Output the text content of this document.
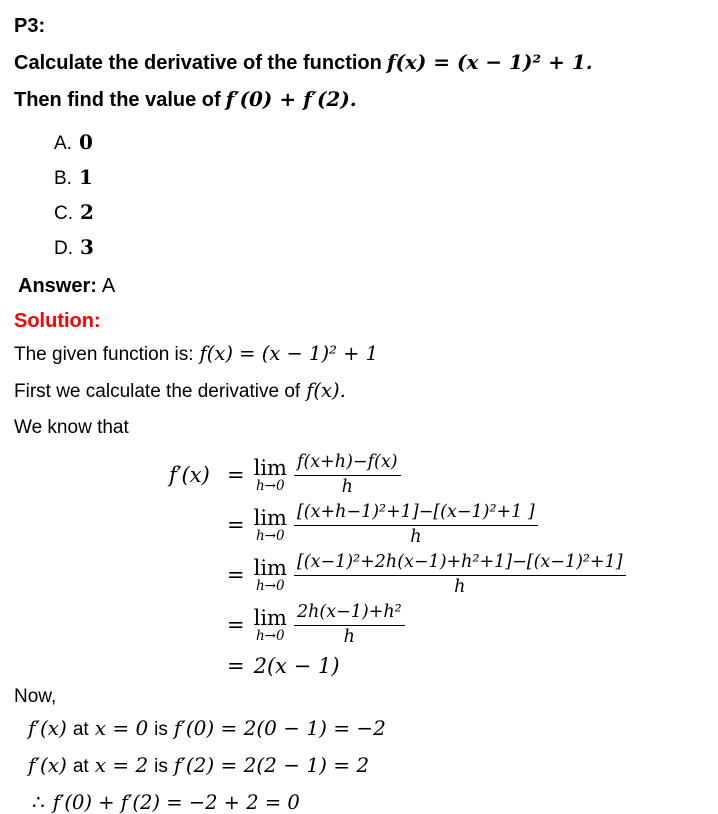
P3:
Calculate the derivative of the function f(x) = (x − 1)² + 1.
Then find the value of f′(0) + f′(2).
A. 0
B. 1
C. 2
D. 3
Answer: A
Solution:
The given function is: f(x) = (x − 1)² + 1
First we calculate the derivative of f(x).
We know that
f′(x) = lim
$h\to 0 \frac{f(x+h)-f(x)}{h}$
= lim
$h\to 0 \frac{\text{[(x+h−1)²+1]−[(x−1)²+1 ]}}{h}$
= lim
$h\to 0 \frac{\text{[(x−1)²+2h(x−1)+h²+1]−[(x−1)²+1]}}{h}$
= lim
$h\to 0 \frac{\text{2h(x−1)+h²}}{h}$
= 2(x − 1)
Now,
f′(x) at x = 0 is f′(0) = 2(0 − 1) = −2
f′(x) at x = 2 is f′(2) = 2(2 − 1) = 2
∴ f′(0) + f′(2) = −2 + 2 = 0
